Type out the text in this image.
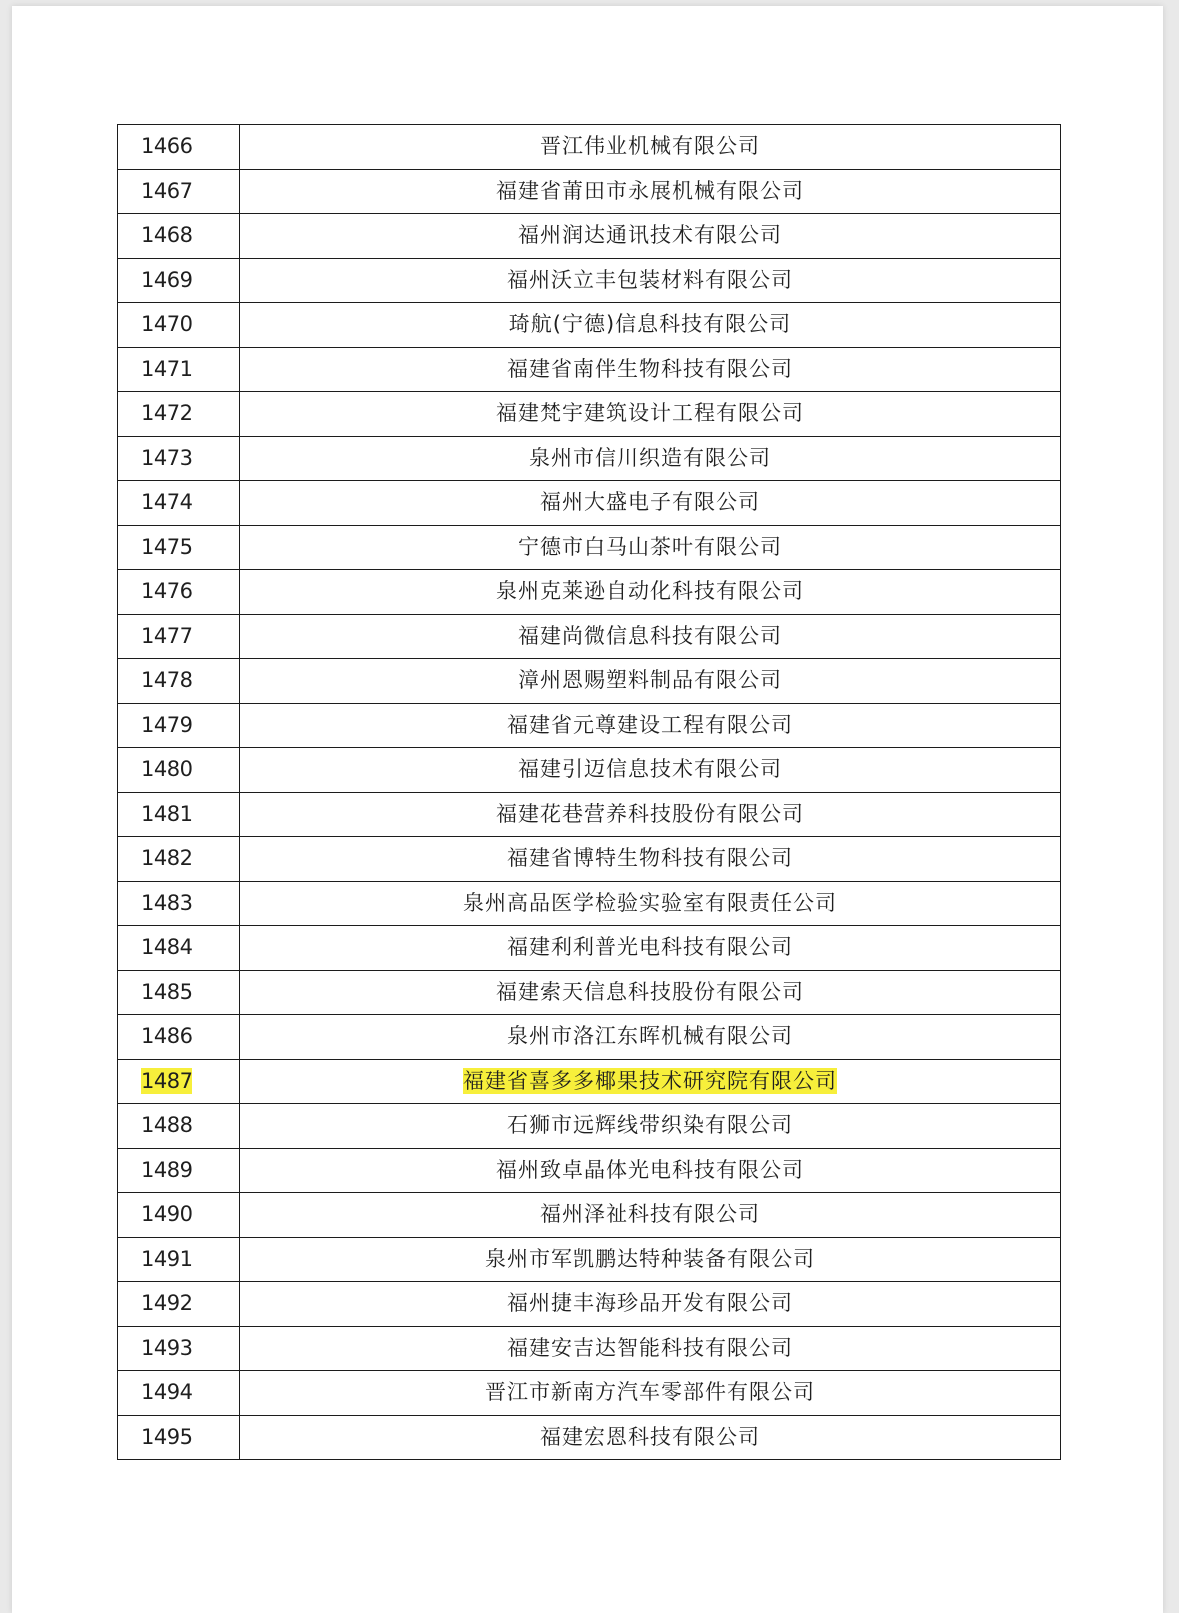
1466	晋江伟业机械有限公司
1467	福建省莆田市永展机械有限公司
1468	福州润达通讯技术有限公司
1469	福州沃立丰包装材料有限公司
1470	琦航(宁德)信息科技有限公司
1471	福建省南伴生物科技有限公司
1472	福建梵宇建筑设计工程有限公司
1473	泉州市信川织造有限公司
1474	福州大盛电子有限公司
1475	宁德市白马山茶叶有限公司
1476	泉州克莱逊自动化科技有限公司
1477	福建尚微信息科技有限公司
1478	漳州恩赐塑料制品有限公司
1479	福建省元尊建设工程有限公司
1480	福建引迈信息技术有限公司
1481	福建花巷营养科技股份有限公司
1482	福建省博特生物科技有限公司
1483	泉州高品医学检验实验室有限责任公司
1484	福建利利普光电科技有限公司
1485	福建索天信息科技股份有限公司
1486	泉州市洛江东晖机械有限公司
1487	福建省喜多多椰果技术研究院有限公司
1488	石狮市远辉线带织染有限公司
1489	福州致卓晶体光电科技有限公司
1490	福州泽祉科技有限公司
1491	泉州市军凯鹏达特种装备有限公司
1492	福州捷丰海珍品开发有限公司
1493	福建安吉达智能科技有限公司
1494	晋江市新南方汽车零部件有限公司
1495	福建宏恩科技有限公司
